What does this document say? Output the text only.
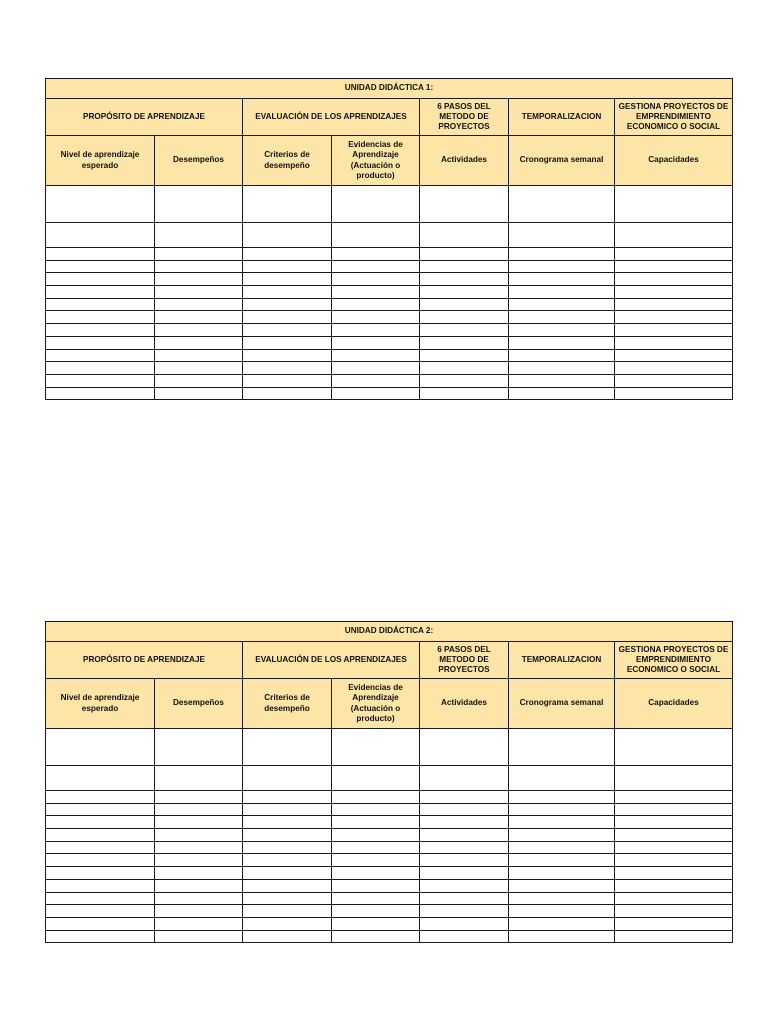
UNIDAD DIDÁCTICA 1:						
PROPÓSITO DE APRENDIZAJE		EVALUACIÓN DE LOS APRENDIZAJES		6 PASOS DEL METODO DE PROYECTOS	TEMPORALIZACION	GESTIONA PROYECTOS DE EMPRENDIMIENTO ECONOMICO O SOCIAL
Nivel de aprendizaje esperado	Desempeños	Criterios de desempeño	Evidencias de Aprendizaje (Actuación o producto)	Actividades	Cronograma semanal	Capacidades

UNIDAD DIDÁCTICA 2:						
PROPÓSITO DE APRENDIZAJE		EVALUACIÓN DE LOS APRENDIZAJES		6 PASOS DEL METODO DE PROYECTOS	TEMPORALIZACION	GESTIONA PROYECTOS DE EMPRENDIMIENTO ECONOMICO O SOCIAL
Nivel de aprendizaje esperado	Desempeños	Criterios de desempeño	Evidencias de Aprendizaje (Actuación o producto)	Actividades	Cronograma semanal	Capacidades
